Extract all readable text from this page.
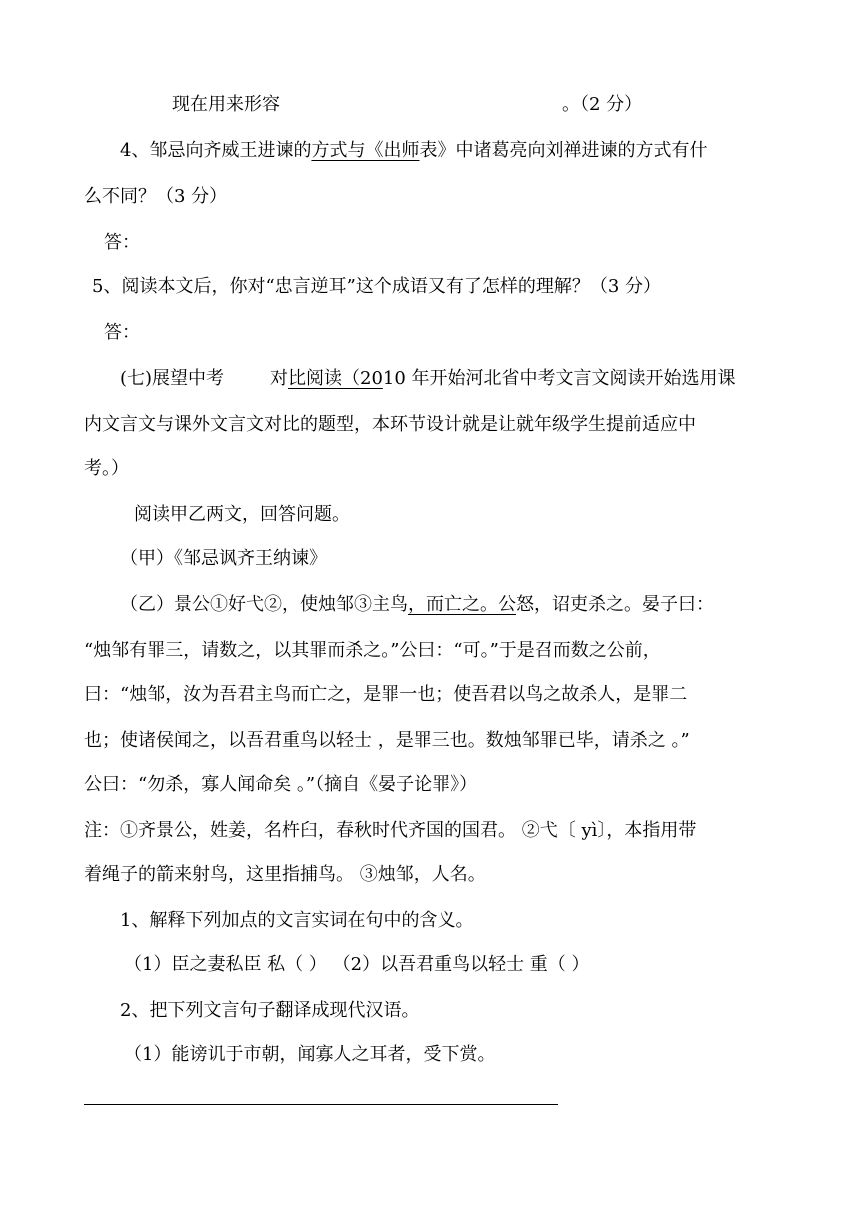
现在用来形容	。（2 分）
4、邹忌向齐威王进谏的方式与《出师表》中诸葛亮向刘禅进谏的方式有什
么不同？（3 分）
答：
5、阅读本文后，你对“忠言逆耳”这个成语又有了怎样的理解？（3 分）
答：
(七)展望中考	对比阅读（2010 年开始河北省中考文言文阅读开始选用课
内文言文与课外文言文对比的题型，本环节设计就是让就年级学生提前适应中
考。）
阅读甲乙两文，回答问题。
（甲）《邹忌讽齐王纳谏》
（乙）景公①好弋②，使烛邹③主鸟，而亡之。公怒，诏吏杀之。晏子曰：
“烛邹有罪三，请数之，以其罪而杀之。”公曰：“可。”于是召而数之公前，
曰：“烛邹，汝为吾君主鸟而亡之，是罪一也；使吾君以鸟之故杀人，是罪二
也；使诸侯闻之，以吾君重鸟以轻士 ，是罪三也。数烛邹罪已毕，请杀之 。”
公曰：“勿杀，寡人闻命矣 。”（摘自《晏子论罪》）
注：①齐景公，姓姜，名杵臼，春秋时代齐国的国君。 ②弋〔 yì〕，本指用带
着绳子的箭来射鸟，这里指捕鸟。 ③烛邹，人名。
1、解释下列加点的文言实词在句中的含义。
（1）臣之妻私臣 私（ ） （2）以吾君重鸟以轻士 重（ ）
2、把下列文言句子翻译成现代汉语。
（1）能谤讥于市朝，闻寡人之耳者，受下赏。
